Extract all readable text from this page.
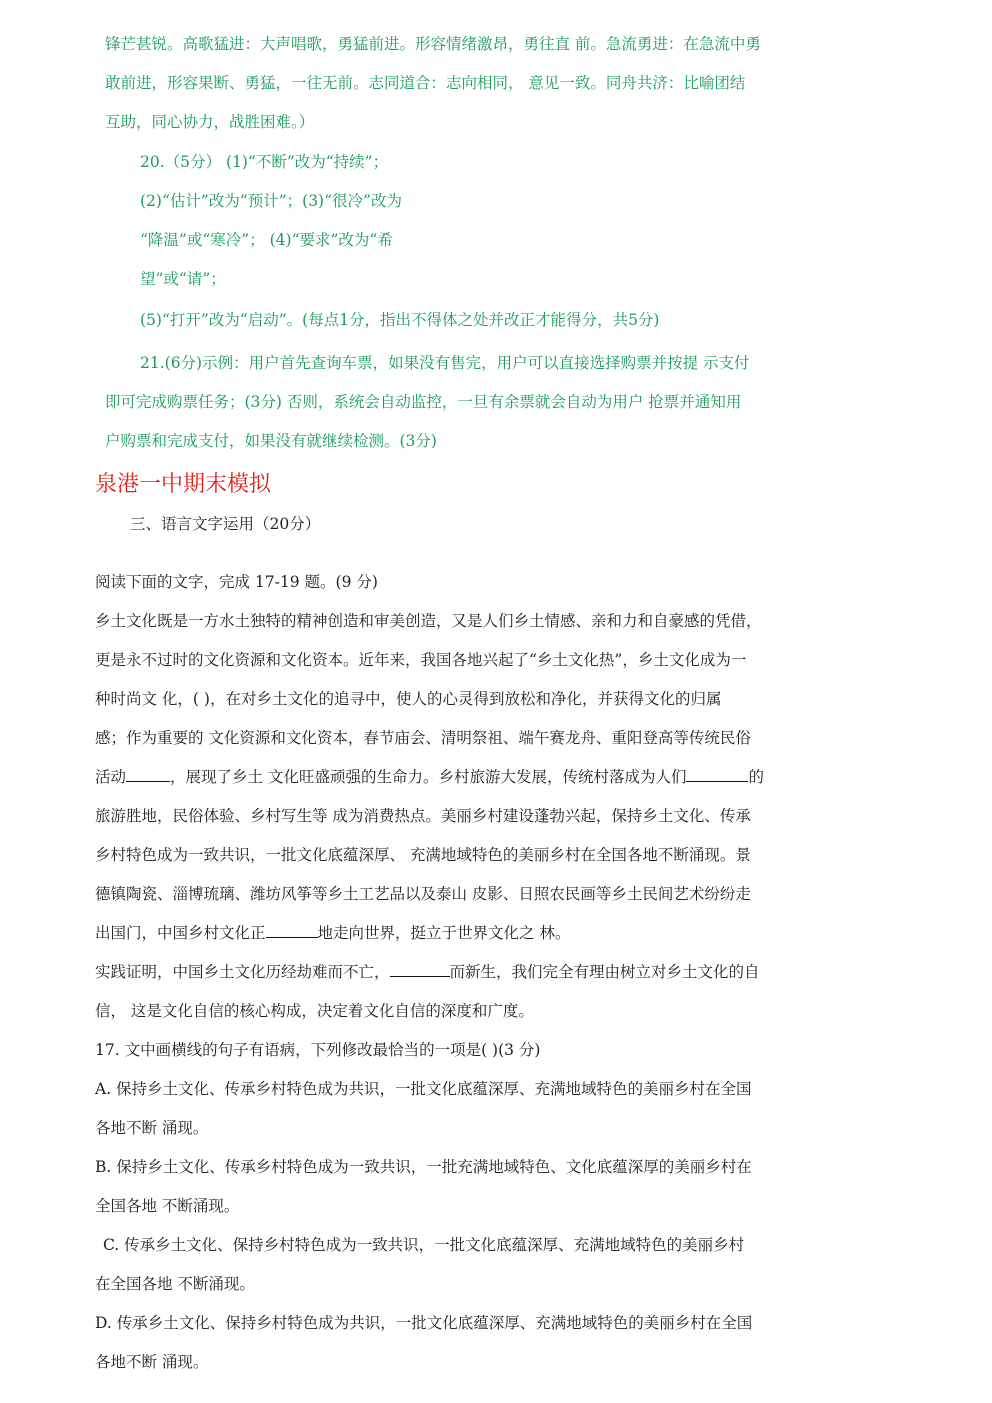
锋芒甚锐。高歌猛进：大声唱歌，勇猛前进。形容情绪激昂，勇往直 前。急流勇进：在急流中勇
敢前进，形容果断、勇猛，一往无前。志同道合：志向相同， 意见一致。同舟共济：比喻团结
互助，同心协力，战胜困难。）
20.（5分） (1)“不断”改为“持续”；
(2)“估计”改为“预计”；(3)“很冷”改为
“降温”或“寒冷”； (4)“要求”改为“希
望”或“请”；
(5)“打开”改为“启动”。(每点1分，指出不得体之处并改正才能得分，共5分)
21.(6分)示例：用户首先查询车票，如果没有售完，用户可以直接选择购票并按提 示支付
即可完成购票任务；(3分) 否则，系统会自动监控，一旦有余票就会自动为用户 抢票并通知用
户购票和完成支付，如果没有就继续检测。(3分)
泉港一中期末模拟
三、语言文字运用（20分）
阅读下面的文字，完成 17-19 题。(9 分)
乡土文化既是一方水土独特的精神创造和审美创造，又是人们乡土情感、亲和力和自豪感的凭借，
更是永不过时的文化资源和文化资本。近年来，我国各地兴起了“乡土文化热”，乡土文化成为一
种时尚文 化，( )，在对乡土文化的追寻中，使人的心灵得到放松和净化，并获得文化的归属
感；作为重要的 文化资源和文化资本，春节庙会、清明祭祖、端午赛龙舟、重阳登高等传统民俗
活动	，展现了乡土 文化旺盛顽强的生命力。乡村旅游大发展，传统村落成为人们	的
旅游胜地，民俗体验、乡村写生等 成为消费热点。美丽乡村建设蓬勃兴起，保持乡土文化、传承
乡村特色成为一致共识，一批文化底蕴深厚、 充满地域特色的美丽乡村在全国各地不断涌现。景
德镇陶瓷、淄博琉璃、潍坊风筝等乡土工艺品以及泰山 皮影、日照农民画等乡土民间艺术纷纷走
出国门，中国乡村文化正	地走向世界，挺立于世界文化之 林。
实践证明，中国乡土文化历经劫难而不亡，	而新生，我们完全有理由树立对乡土文化的自
信， 这是文化自信的核心构成，决定着文化自信的深度和广度。
17. 文中画横线的句子有语病，下列修改最恰当的一项是( )(3 分)
A. 保持乡土文化、传承乡村特色成为共识，一批文化底蕴深厚、充满地域特色的美丽乡村在全国
各地不断 涌现。
B. 保持乡土文化、传承乡村特色成为一致共识，一批充满地域特色、文化底蕴深厚的美丽乡村在
全国各地 不断涌现。
C. 传承乡土文化、保持乡村特色成为一致共识，一批文化底蕴深厚、充满地域特色的美丽乡村
在全国各地 不断涌现。
D. 传承乡土文化、保持乡村特色成为共识，一批文化底蕴深厚、充满地域特色的美丽乡村在全国
各地不断 涌现。
